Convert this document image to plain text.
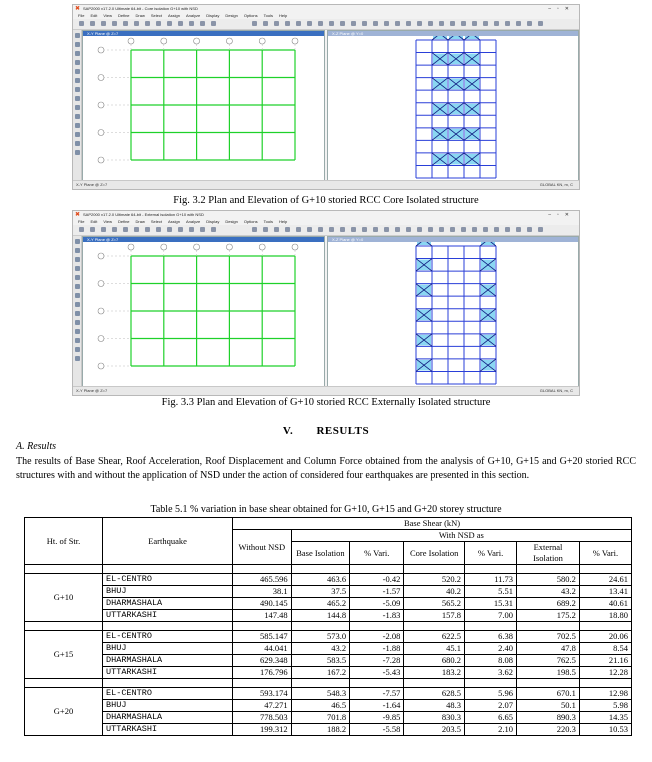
✖ SAP2000 v17.2.0 Ultimate 64-bit - Core isolation G+10 with NSD	–▫✕
File Edit View Define Draw Select Assign Analyze Display Design Options Tools Help
X-Y Plane @ Z=7	X-Z Plane @ Y=0
X-Y Plane @ Z=7	GLOBAL KN, m, C
Fig. 3.2 Plan and Elevation of G+10 storied RCC Core Isolated structure
✖ SAP2000 v17.2.0 Ultimate 64-bit - External isolation G+10 with NSD	–▫✕
File Edit View Define Draw Select Assign Analyze Display Design Options Tools Help
X-Y Plane @ Z=7	X-Z Plane @ Y=0
X-Y Plane @ Z=7	GLOBAL KN, m, C
Fig. 3.3 Plan and Elevation of G+10 storied RCC Externally Isolated structure
V. RESULTS
A. Results
The results of Base Shear, Roof Acceleration, Roof Displacement and Column Force obtained from the analysis of G+10, G+15 and G+20 storied RCC structures with and without the application of NSD under the action of considered four earthquakes are presented in this section.
Table 5.1 % variation in base shear obtained for G+10, G+15 and G+20 storey structure
Ht. of Str.	Earthquake	Base Shear (kN)						
		Without NSD	With NSD as					
			Base Isolation	% Vari.	Core Isolation	% Vari.	External Isolation	% Vari.

G+10	EL-CENTRO	465.596	463.6	-0.42	520.2	11.73	580.2	24.61
	BHUJ	38.1	37.5	-1.57	40.2	5.51	43.2	13.41
	DHARMASHALA	490.145	465.2	-5.09	565.2	15.31	689.2	40.61
	UTTARKASHI	147.48	144.8	-1.83	157.8	7.00	175.2	18.80

G+15	EL-CENTRO	585.147	573.0	-2.08	622.5	6.38	702.5	20.06
	BHUJ	44.041	43.2	-1.88	45.1	2.40	47.8	8.54
	DHARMASHALA	629.348	583.5	-7.28	680.2	8.08	762.5	21.16
	UTTARKASHI	176.796	167.2	-5.43	183.2	3.62	198.5	12.28

G+20	EL-CENTRO	593.174	548.3	-7.57	628.5	5.96	670.1	12.98
	BHUJ	47.271	46.5	-1.64	48.3	2.07	50.1	5.98
	DHARMASHALA	778.503	701.8	-9.85	830.3	6.65	890.3	14.35
	UTTARKASHI	199.312	188.2	-5.58	203.5	2.10	220.3	10.53
